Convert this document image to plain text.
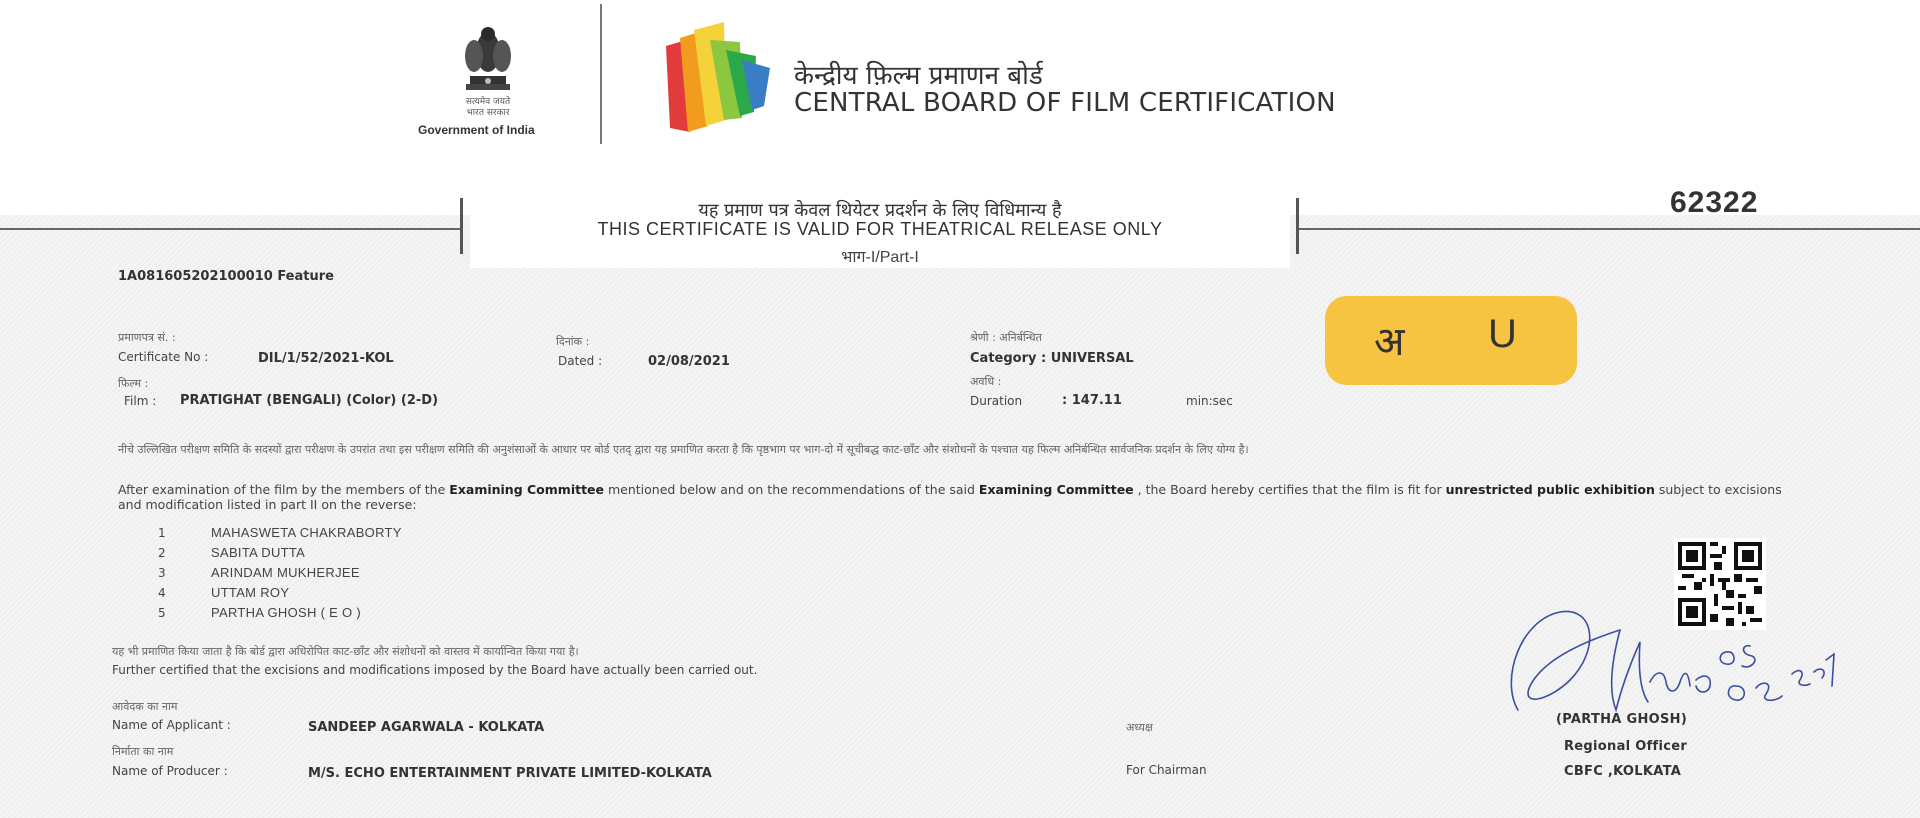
सत्यमेव जयते
भारत सरकार
Government of India
केन्द्रीय फ़िल्म प्रमाणन बोर्ड
CENTRAL BOARD OF FILM CERTIFICATION
यह प्रमाण पत्र केवल थियेटर प्रदर्शन के लिए विधिमान्य है
THIS CERTIFICATE IS VALID FOR THEATRICAL RELEASE ONLY
भाग-I/Part-I
62322
1A081605202100010 Feature
प्रमाणपत्र सं. :
Certificate No :	DIL/1/52/2021-KOL
दिनांक :
Dated :	02/08/2021
श्रेणी : अनिर्बन्धित
Category : UNIVERSAL
फिल्म :
Film : PRATIGHAT (BENGALI) (Color) (2-D)
अवधि :
Duration	: 147.11	min:sec
अ U
नीचे उल्लिखित परीक्षण समिति के सदस्यों द्वारा परीक्षण के उपरांत तथा इस परीक्षण समिति की अनुशंसाओं के आधार पर बोर्ड एतद् द्वारा यह प्रमाणित करता है कि पृष्ठभाग पर भाग-दो में सूचीबद्ध काट-छाँट और संशोधनों के पश्चात यह फिल्म अनिर्बन्धित सार्वजनिक प्रदर्शन के लिए योग्य है।
After examination of the film by the members of the Examining Committee mentioned below and on the recommendations of the said Examining Committee , the Board hereby certifies that the film is fit for unrestricted public exhibition subject to excisions and modification listed in part II on the reverse:
1	MAHASWETA CHAKRABORTY
2	SABITA DUTTA
3	ARINDAM MUKHERJEE
4	UTTAM ROY
5	PARTHA GHOSH ( E O )
यह भी प्रमाणित किया जाता है कि बोर्ड द्वारा अधिरोपित काट-छाँट और संशोधनों को वास्तव में कार्यान्वित किया गया है।
Further certified that the excisions and modifications imposed by the Board have actually been carried out.
आवेदक का नाम
Name of Applicant :	SANDEEP AGARWALA - KOLKATA
निर्माता का नाम
Name of Producer :	M/S. ECHO ENTERTAINMENT PRIVATE LIMITED-KOLKATA
अध्यक्ष
For Chairman
(PARTHA GHOSH)
Regional Officer
CBFC ,KOLKATA
